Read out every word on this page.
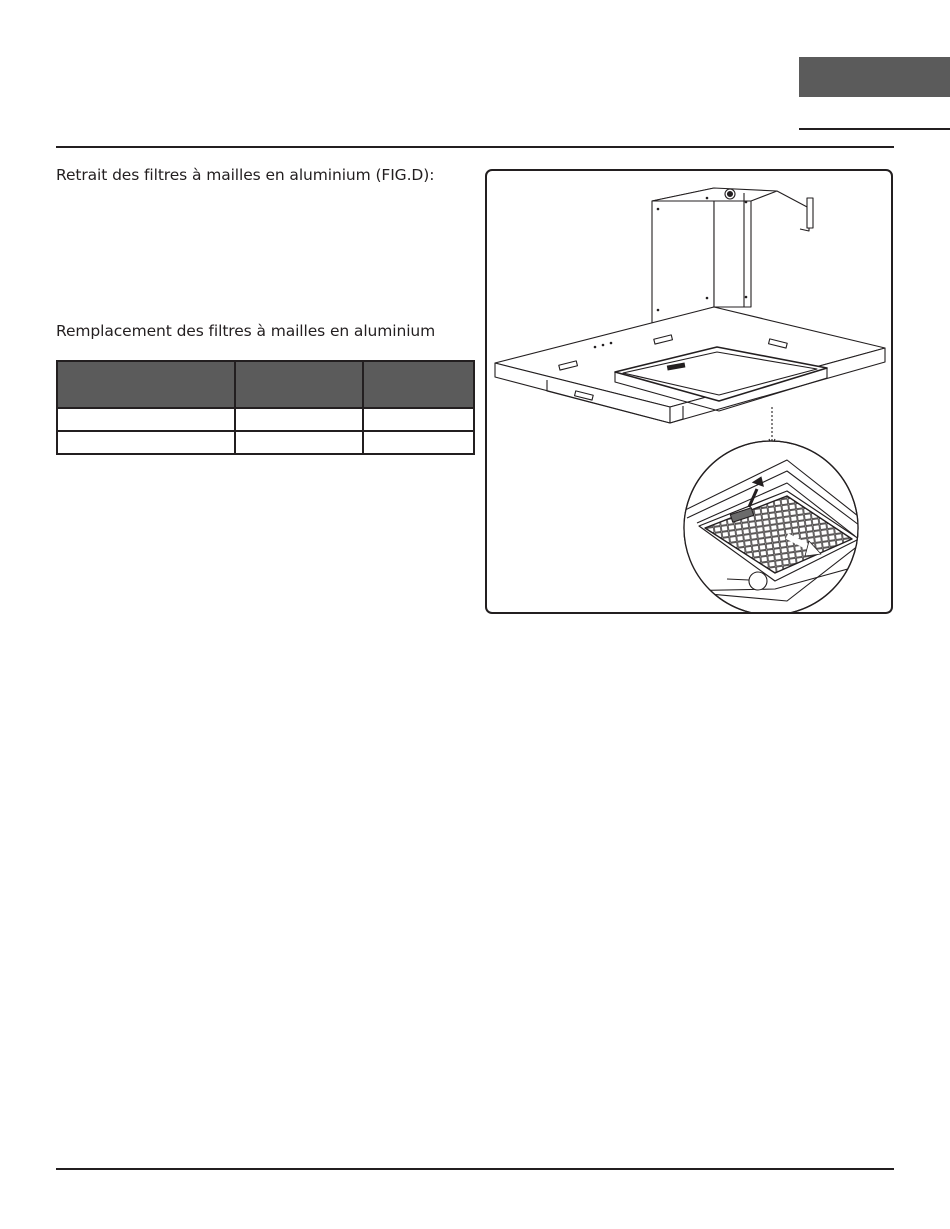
Retrait des filtres à mailles en aluminium (FIG.D):
Remplacement des filtres à mailles en aluminium
